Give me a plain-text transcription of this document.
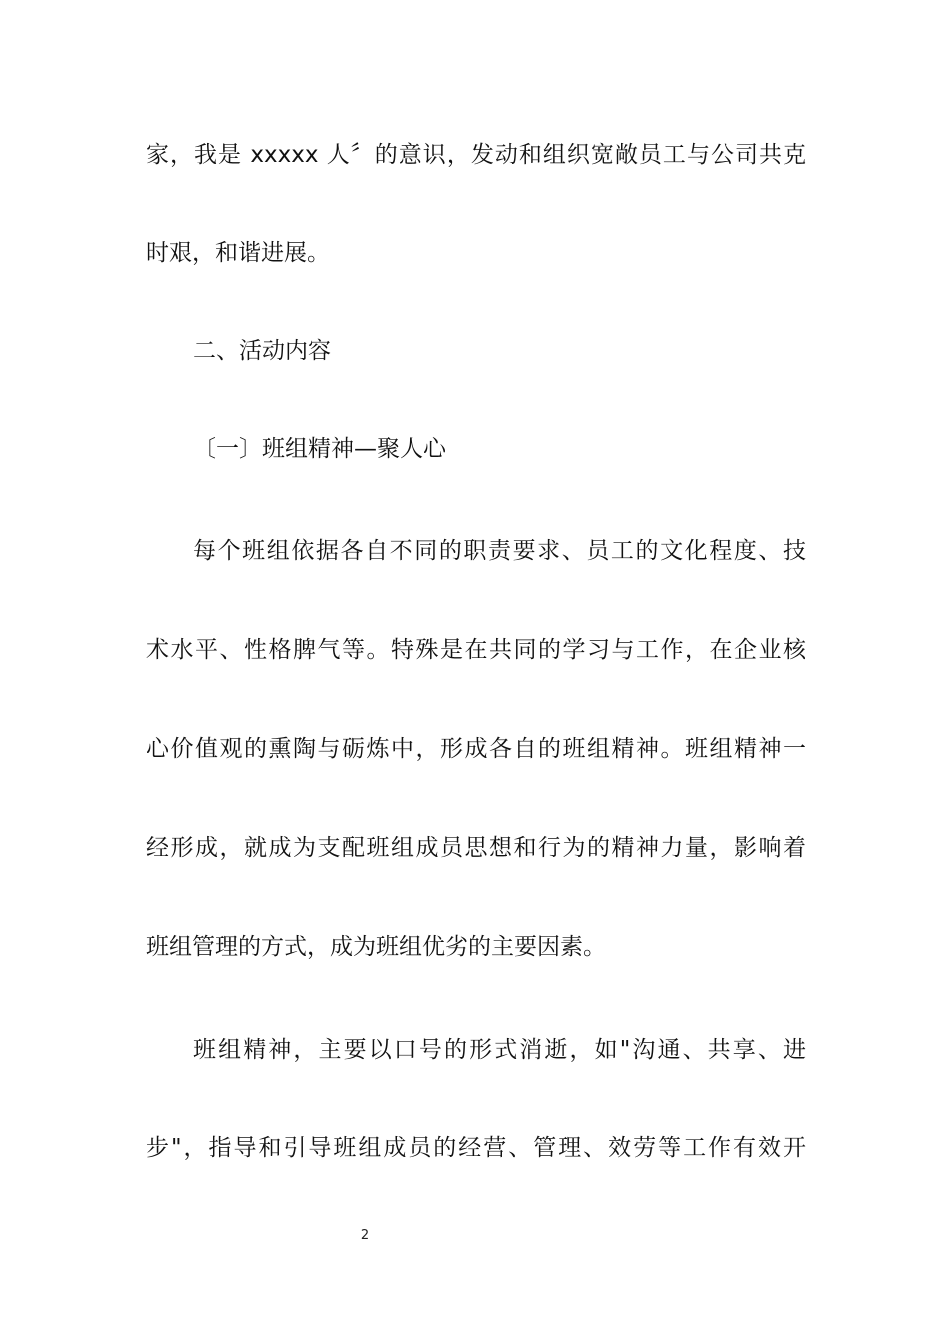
家，我是 xxxxx 人〞的意识，发动和组织宽敞员工与公司共克
时艰，和谐进展。
二、活动内容
〔一〕班组精神—聚人心
每个班组依据各自不同的职责要求、员工的文化程度、技
术水平、性格脾气等。特殊是在共同的学习与工作，在企业核
心价值观的熏陶与砺炼中，形成各自的班组精神。班组精神一
经形成，就成为支配班组成员思想和行为的精神力量，影响着
班组管理的方式，成为班组优劣的主要因素。
班组精神，主要以口号的形式消逝，如"沟通、共享、进
步"，指导和引导班组成员的经营、管理、效劳等工作有效开
2
